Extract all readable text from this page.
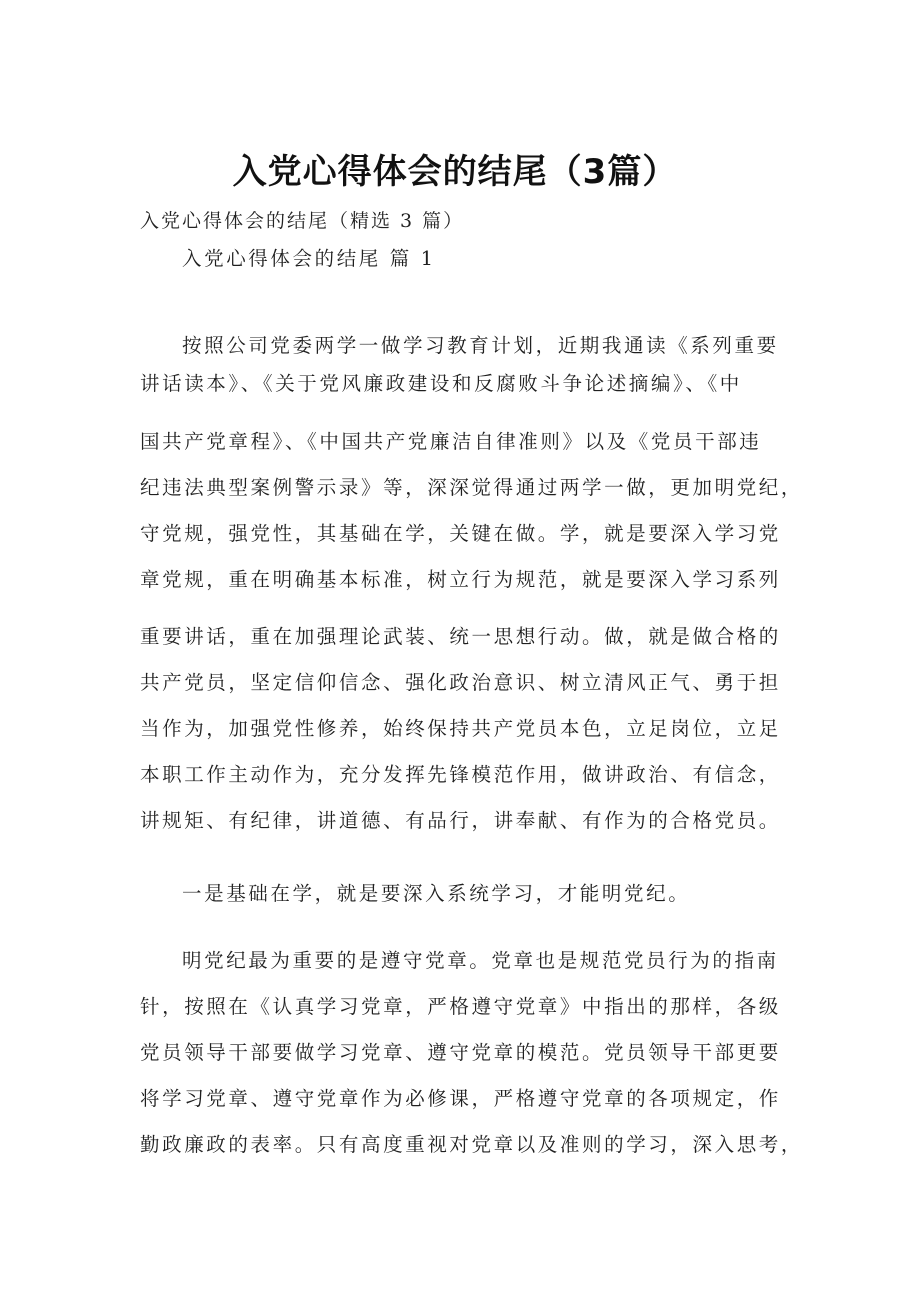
入党心得体会的结尾（3篇）
入党心得体会的结尾（精选 3 篇）
入党心得体会的结尾 篇 1
按照公司党委两学一做学习教育计划，近期我通读《系列重要
讲话读本》、《关于党风廉政建设和反腐败斗争论述摘编》、《中
国共产党章程》、《中国共产党廉洁自律准则》以及《党员干部违
纪违法典型案例警示录》等，深深觉得通过两学一做，更加明党纪，
守党规，强党性，其基础在学，关键在做。学，就是要深入学习党
章党规，重在明确基本标准，树立行为规范，就是要深入学习系列
重要讲话，重在加强理论武装、统一思想行动。做，就是做合格的
共产党员，坚定信仰信念、强化政治意识、树立清风正气、勇于担
当作为，加强党性修养，始终保持共产党员本色，立足岗位，立足
本职工作主动作为，充分发挥先锋模范作用，做讲政治、有信念，
讲规矩、有纪律，讲道德、有品行，讲奉献、有作为的合格党员。
一是基础在学，就是要深入系统学习，才能明党纪。
明党纪最为重要的是遵守党章。党章也是规范党员行为的指南
针，按照在《认真学习党章，严格遵守党章》中指出的那样，各级
党员领导干部要做学习党章、遵守党章的模范。党员领导干部更要
将学习党章、遵守党章作为必修课，严格遵守党章的各项规定，作
勤政廉政的表率。只有高度重视对党章以及准则的学习，深入思考，
